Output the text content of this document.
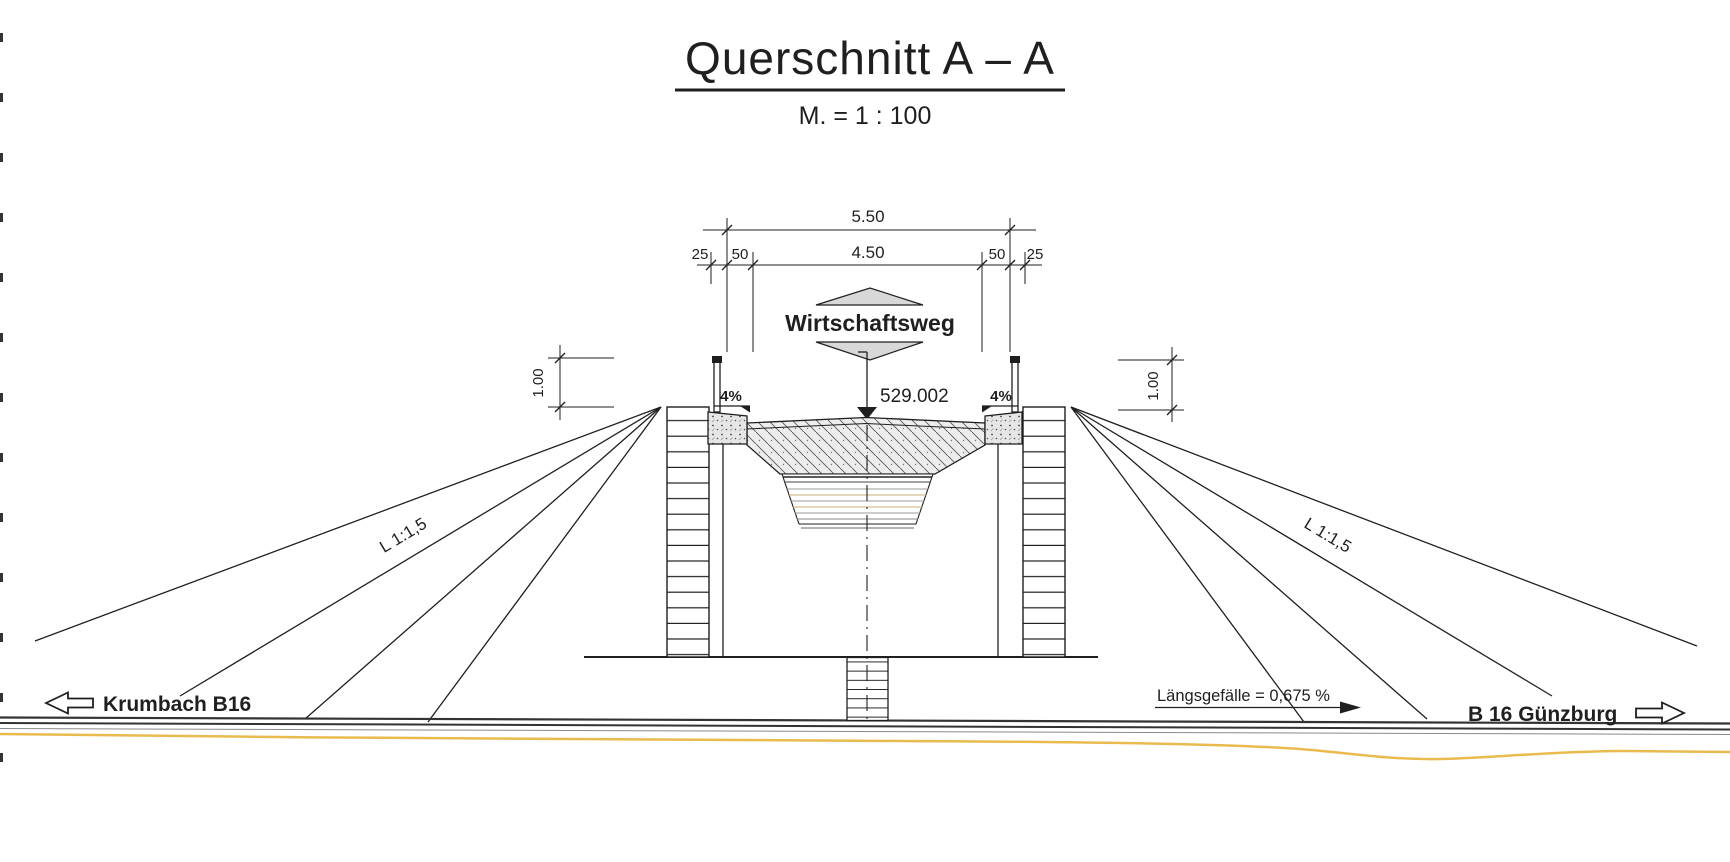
Querschnitt A – A
M. = 1 : 100
5.50
25 50	4.50	50 25
Wirtschaftsweg
529.002
L 1:1,5	L 1:1,5
4%	4%
1.00	1.00
Längsgefälle = 0,675 %
Krumbach B16	B 16 Günzburg
